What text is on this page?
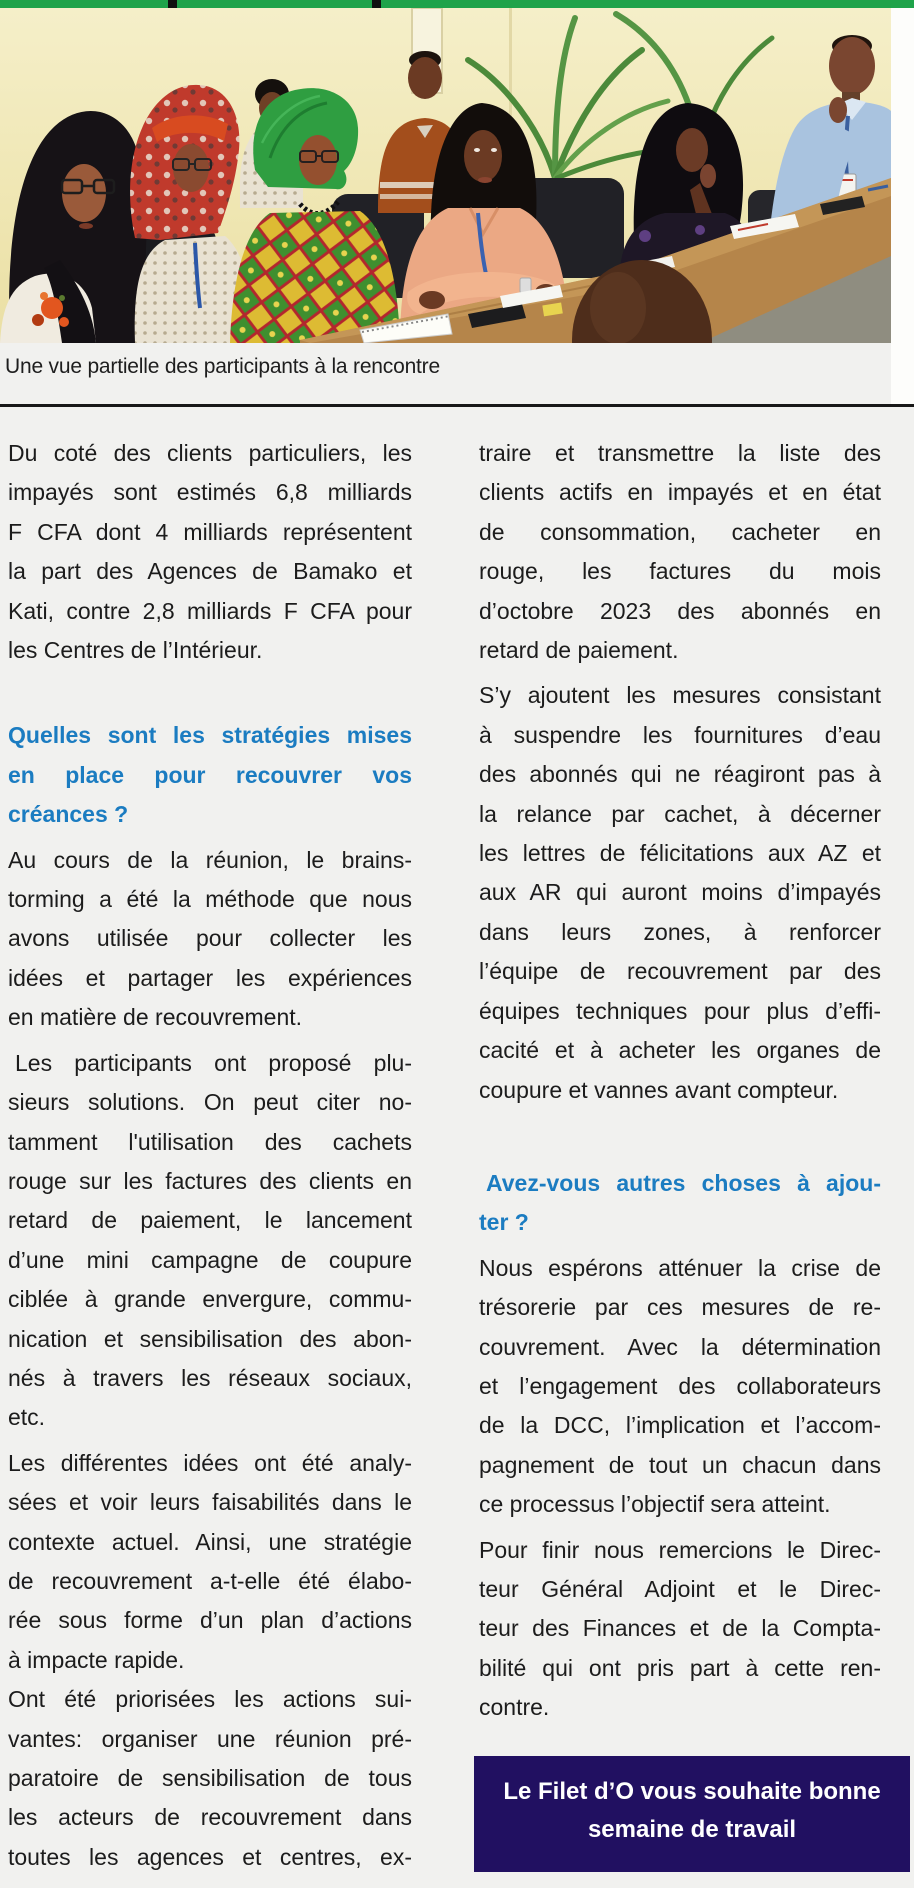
Une vue partielle des participants à la rencontre
Du coté des clients particuliers, les
impayés sont estimés 6,8 milliards
F CFA dont 4 milliards représentent
la part des Agences de Bamako et
Kati, contre 2,8 milliards F CFA pour
les Centres de l’Intérieur.
Quelles sont les stratégies mises
en place pour recouvrer vos
créances ?
Au cours de la réunion, le brains-
torming a été la méthode que nous
avons utilisée pour collecter les
idées et partager les expériences
en matière de recouvrement.
Les participants ont proposé plu-
sieurs solutions. On peut citer no-
tamment l'utilisation des cachets
rouge sur les factures des clients en
retard de paiement, le lancement
d’une mini campagne de coupure
ciblée à grande envergure, commu-
nication et sensibilisation des abon-
nés à travers les réseaux sociaux,
etc.
Les différentes idées ont été analy-
sées et voir leurs faisabilités dans le
contexte actuel. Ainsi, une stratégie
de recouvrement a-t-elle été élabo-
rée sous forme d’un plan d’actions
à impacte rapide.
Ont été priorisées les actions sui-
vantes: organiser une réunion pré-
paratoire de sensibilisation de tous
les acteurs de recouvrement dans
toutes les agences et centres, ex-
traire et transmettre la liste des
clients actifs en impayés et en état
de consommation, cacheter en
rouge, les factures du mois
d’octobre 2023 des abonnés en
retard de paiement.
S’y ajoutent les mesures consistant
à suspendre les fournitures d’eau
des abonnés qui ne réagiront pas à
la relance par cachet, à décerner
les lettres de félicitations aux AZ et
aux AR qui auront moins d’impayés
dans leurs zones, à renforcer
l’équipe de recouvrement par des
équipes techniques pour plus d’effi-
cacité et à acheter les organes de
coupure et vannes avant compteur.
Avez-vous autres choses à ajou-
ter ?
Nous espérons atténuer la crise de
trésorerie par ces mesures de re-
couvrement. Avec la détermination
et l’engagement des collaborateurs
de la DCC, l’implication et l’accom-
pagnement de tout un chacun dans
ce processus l’objectif sera atteint.
Pour finir nous remercions le Direc-
teur Général Adjoint et le Direc-
teur des Finances et de la Compta-
bilité qui ont pris part à cette ren-
contre.
Le Filet d’O vous souhaite bonne
semaine de travail
